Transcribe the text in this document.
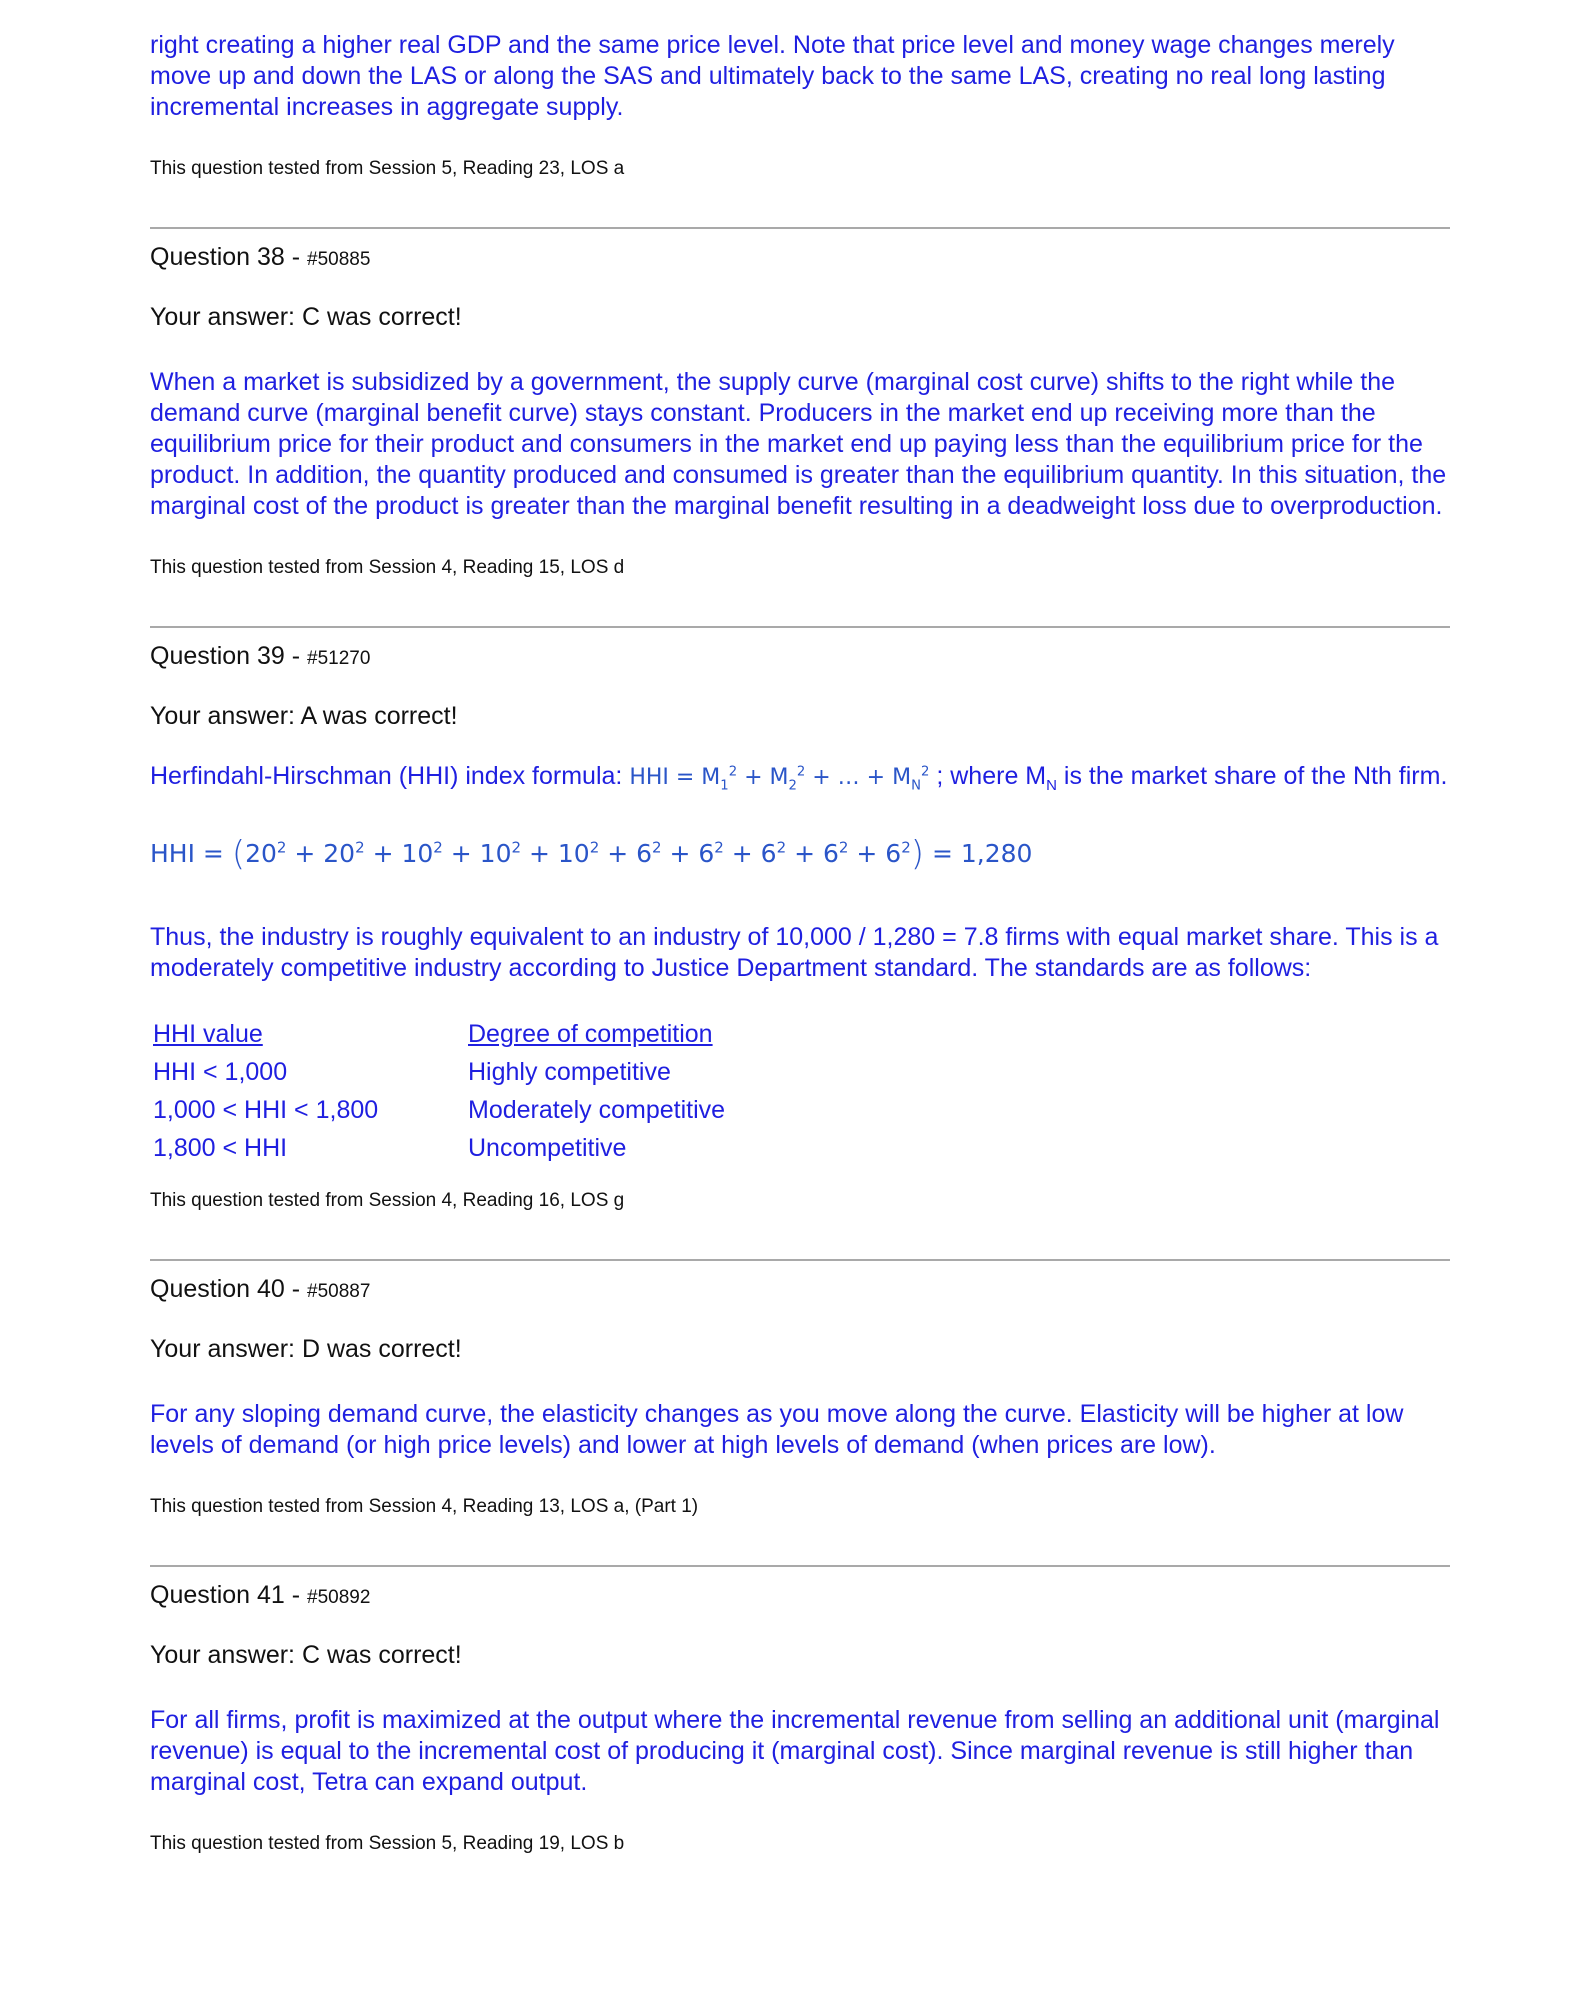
right creating a higher real GDP and the same price level. Note that price level and money wage changes merely move up and down the LAS or along the SAS and ultimately back to the same LAS, creating no real long lasting incremental increases in aggregate supply.

This question tested from Session 5, Reading 23, LOS a

Question 38 - #50885

Your answer: C was correct!

When a market is subsidized by a government, the supply curve (marginal cost curve) shifts to the right while the demand curve (marginal benefit curve) stays constant. Producers in the market end up receiving more than the equilibrium price for their product and consumers in the market end up paying less than the equilibrium price for the product. In addition, the quantity produced and consumed is greater than the equilibrium quantity. In this situation, the marginal cost of the product is greater than the marginal benefit resulting in a deadweight loss due to overproduction.

This question tested from Session 4, Reading 15, LOS d

Question 39 - #51270

Your answer: A was correct!

Herfindahl-Hirschman (HHI) index formula: HHI = $M_1^2 + M_2^2$ + … + $M_N^2$ ; where $M_N$ is the market share of the Nth firm.

HHI = $(20^2 + 20^2 + 10^2 + 10^2 + 10^2 + 6^2 + 6^2 + 6^2 + 6^2 + 6^2) = 1,280$

Thus, the industry is roughly equivalent to an industry of 10,000 / 1,280 = 7.8 firms with equal market share. This is a moderately competitive industry according to Justice Department standard. The standards are as follows:

HHI value	Degree of competition
HHI < 1,000	Highly competitive
1,000 < HHI < 1,800	Moderately competitive
1,800 < HHI	Uncompetitive

This question tested from Session 4, Reading 16, LOS g

Question 40 - #50887

Your answer: D was correct!

For any sloping demand curve, the elasticity changes as you move along the curve. Elasticity will be higher at low levels of demand (or high price levels) and lower at high levels of demand (when prices are low).

This question tested from Session 4, Reading 13, LOS a, (Part 1)

Question 41 - #50892

Your answer: C was correct!

For all firms, profit is maximized at the output where the incremental revenue from selling an additional unit (marginal revenue) is equal to the incremental cost of producing it (marginal cost). Since marginal revenue is still higher than marginal cost, Tetra can expand output.

This question tested from Session 5, Reading 19, LOS b
